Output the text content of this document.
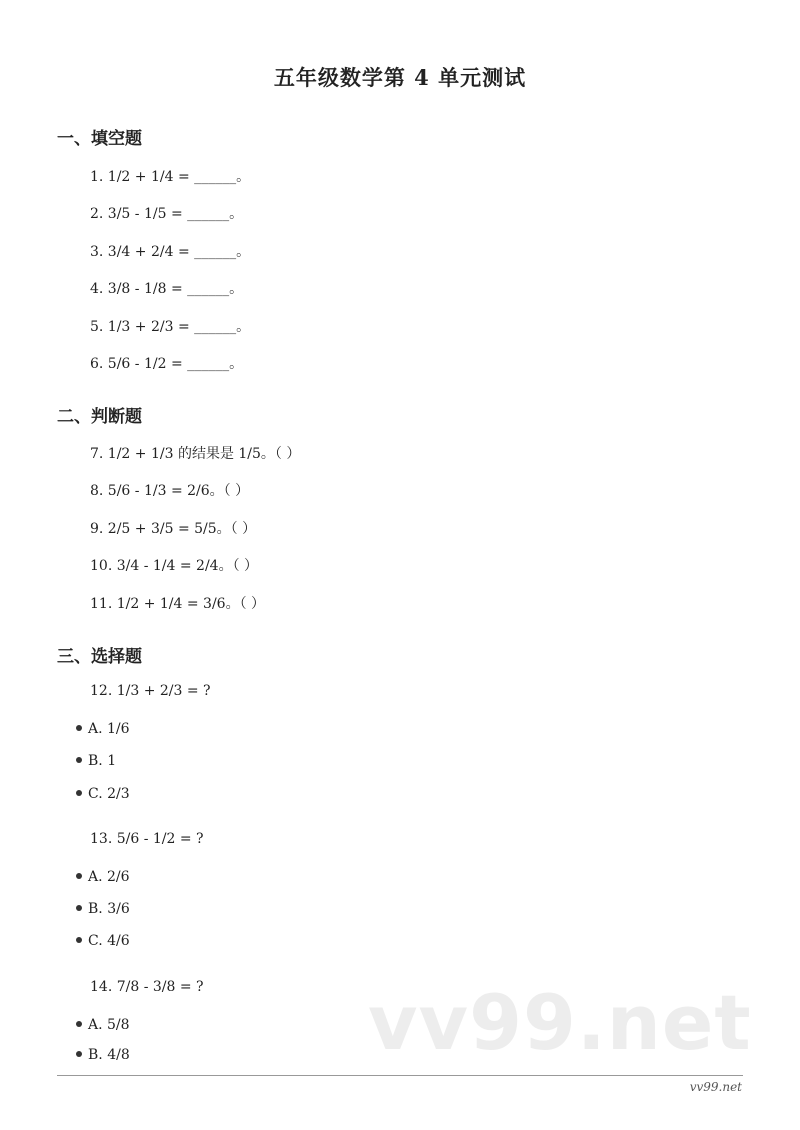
五年级数学第 4 单元测试
一、填空题
1. 1/2 + 1/4 = ______。
2. 3/5 - 1/5 = ______。
3. 3/4 + 2/4 = ______。
4. 3/8 - 1/8 = ______。
5. 1/3 + 2/3 = ______。
6. 5/6 - 1/2 = ______。
二、判断题
7. 1/2 + 1/3 的结果是 1/5。（ ）
8. 5/6 - 1/3 = 2/6。（ ）
9. 2/5 + 3/5 = 5/5。（ ）
10. 3/4 - 1/4 = 2/4。（ ）
11. 1/2 + 1/4 = 3/6。（ ）
三、选择题
12. 1/3 + 2/3 = ?
A. 1/6
B. 1
C. 2/3
13. 5/6 - 1/2 = ?
A. 2/6
B. 3/6
C. 4/6
14. 7/8 - 3/8 = ?
A. 5/8
B. 4/8	vv99.net
vv99.net
